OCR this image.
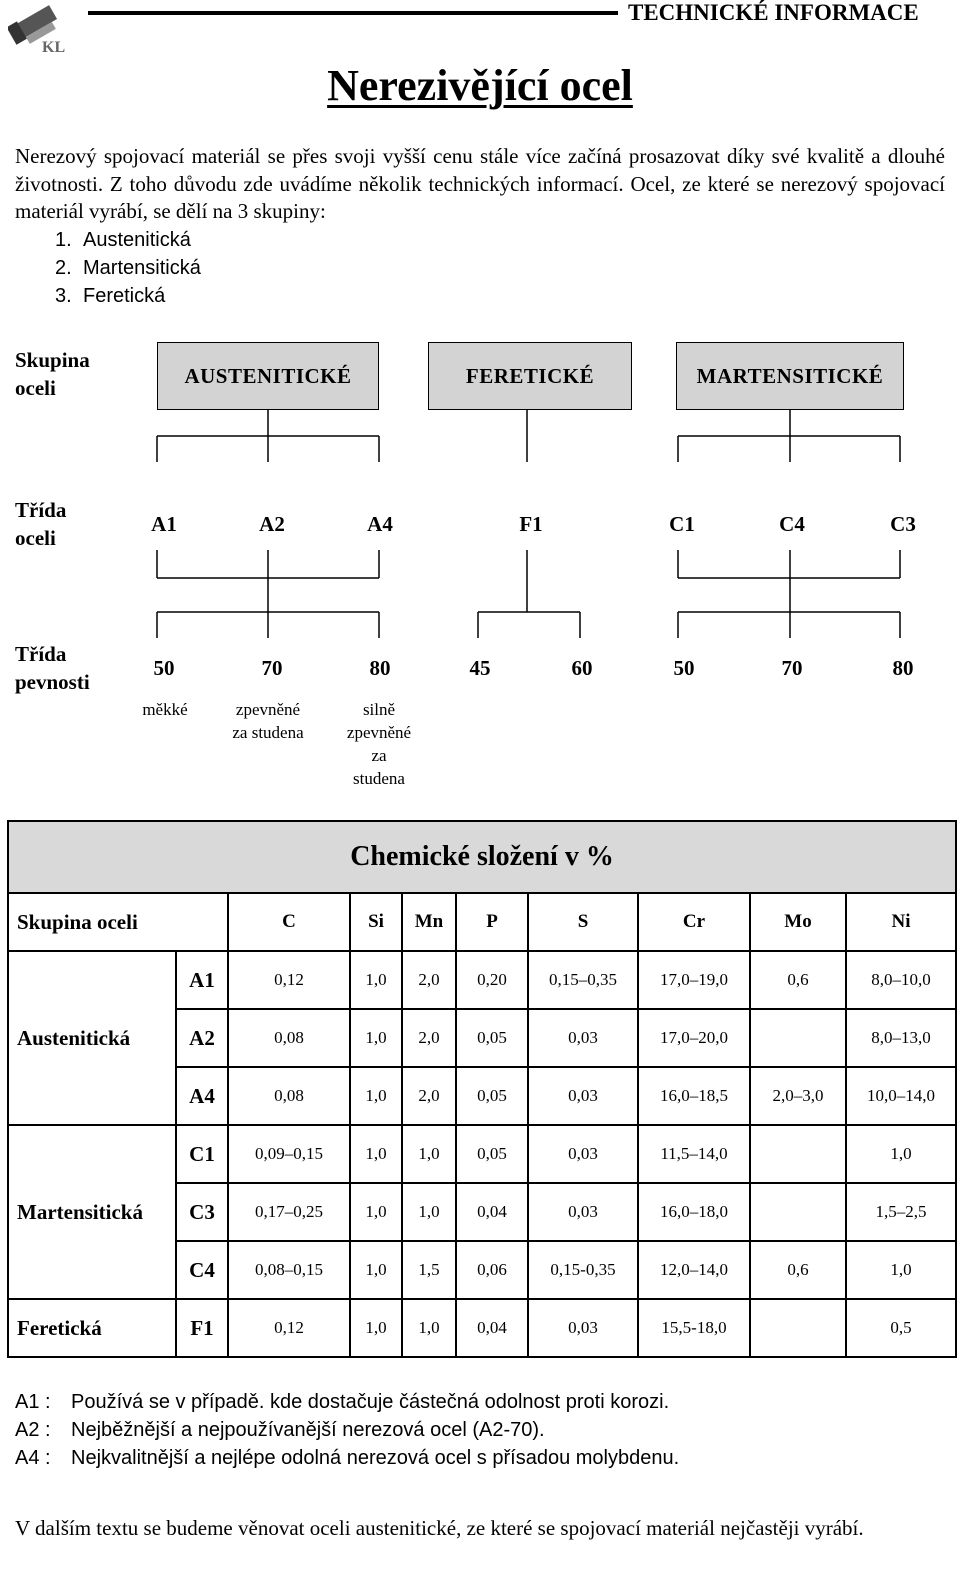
KL
TECHNICKÉ INFORMACE
Nerezivějící ocel
Nerezový spojovací materiál se přes svoji vyšší cenu stále více začíná prosazovat díky své kvalitě a dlouhé životnosti. Z toho důvodu zde uvádíme několik technických informací. Ocel, ze které se nerezový spojovací materiál vyrábí, se dělí na 3 skupiny:
1. Austenitická
2. Martensitická
3. Feretická
Skupina
oceli
Třída
oceli
Třída
pevnosti
AUSTENITICKÉ	FERETICKÉ	MARTENSITICKÉ
A1	A2	A4	F1	C1	C4	C3
50	70	80	45	60	50	70	80
měkké	zpevněné
za studena
silně
zpevněné
za
studena
Chemické složení v %									
Skupina oceli		C	Si	Mn	P	S	Cr	Mo	Ni
Austenitická	A1	0,12	1,0	2,0	0,20	0,15–0,35	17,0–19,0	0,6	8,0–10,0
	A2	0,08	1,0	2,0	0,05	0,03	17,0–20,0		8,0–13,0
	A4	0,08	1,0	2,0	0,05	0,03	16,0–18,5	2,0–3,0	10,0–14,0
Martensitická	C1	0,09–0,15	1,0	1,0	0,05	0,03	11,5–14,0		1,0
	C3	0,17–0,25	1,0	1,0	0,04	0,03	16,0–18,0		1,5–2,5
	C4	0,08–0,15	1,0	1,5	0,06	0,15-0,35	12,0–14,0	0,6	1,0
Feretická	F1	0,12	1,0	1,0	0,04	0,03	15,5-18,0		0,5
A1 : Používá se v případě. kde dostačuje částečná odolnost proti korozi.
A2 : Nejběžnější a nejpoužívanější nerezová ocel (A2-70).
A4 : Nejkvalitnější a nejlépe odolná nerezová ocel s přísadou molybdenu.
V dalším textu se budeme věnovat oceli austenitické, ze které se spojovací materiál nejčastěji vyrábí.
